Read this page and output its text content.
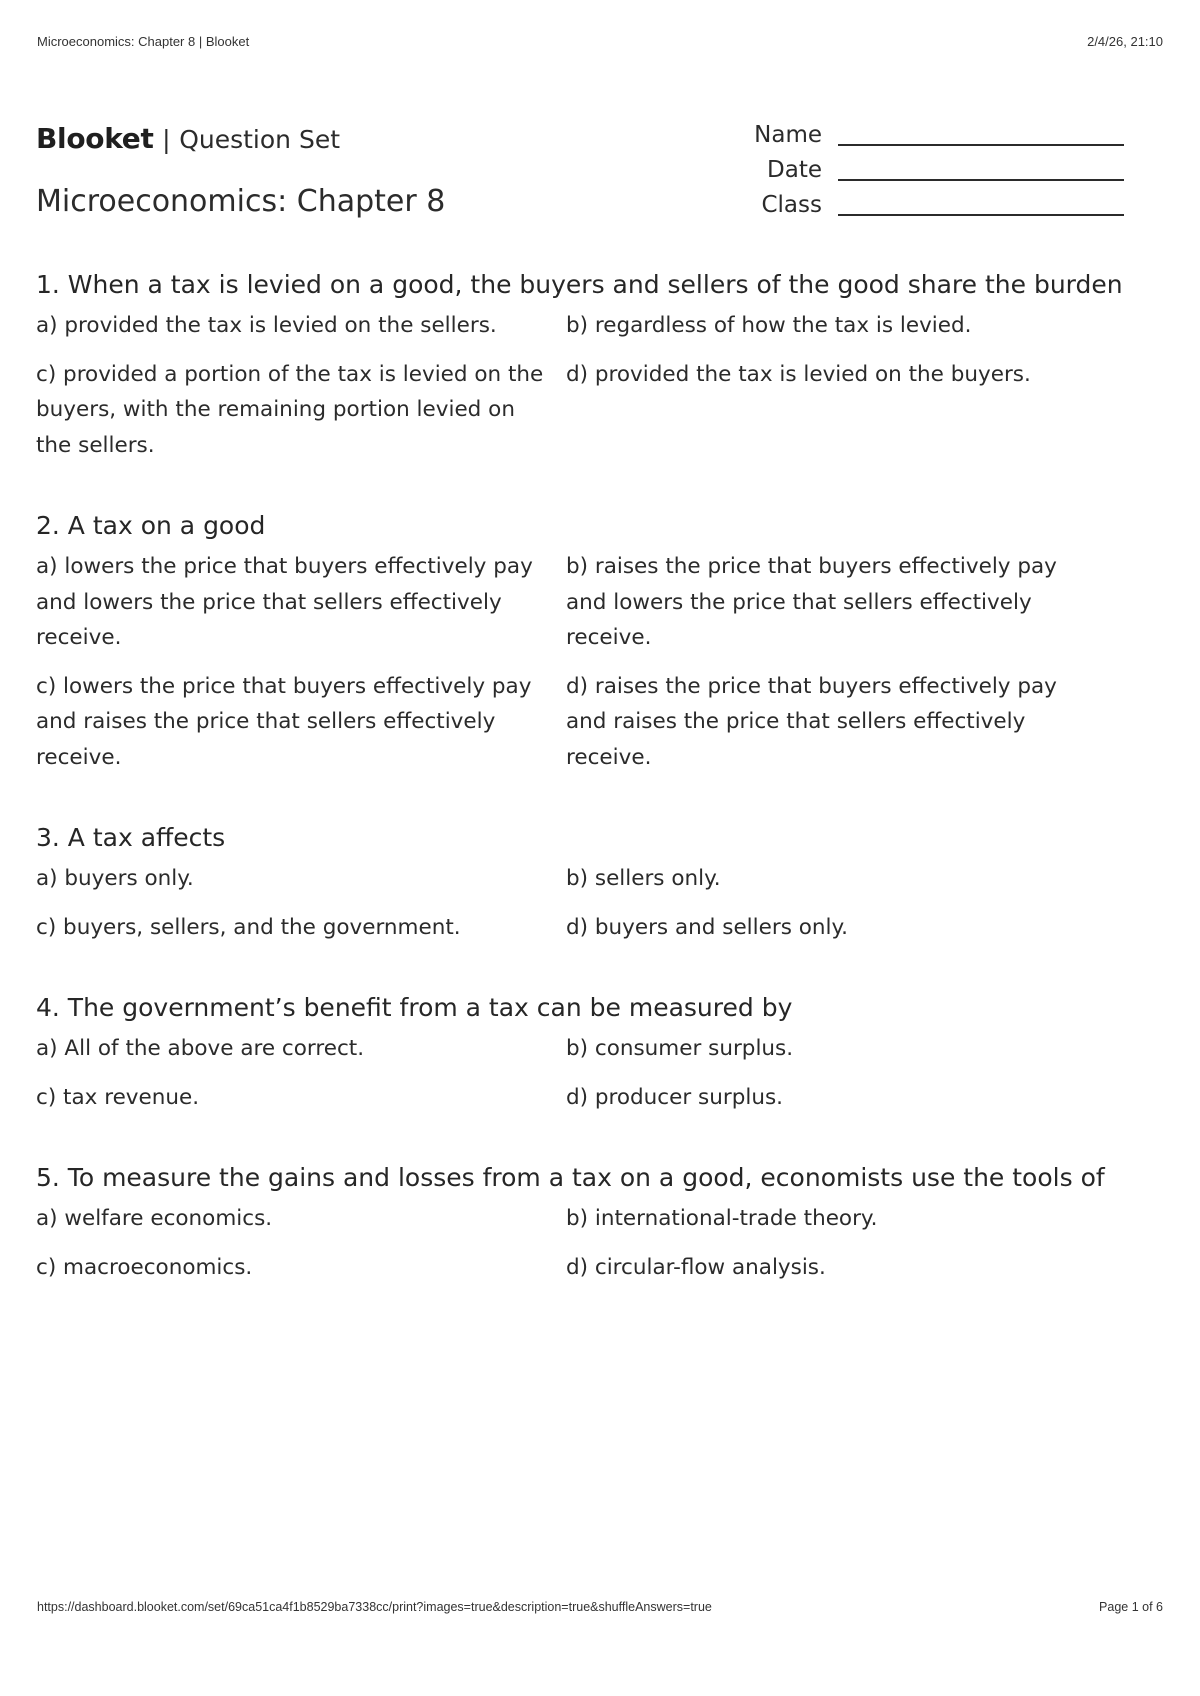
Microeconomics: Chapter 8 | Blooket	2/4/26, 21:10
Blooket | Question Set
Microeconomics: Chapter 8
Name
Date
Class
1. When a tax is levied on a good, the buyers and sellers of the good share the burden
a) provided the tax is levied on the sellers.	b) regardless of how the tax is levied.
c) provided a portion of the tax is levied on the buyers, with the remaining portion levied on the sellers.
d) provided the tax is levied on the buyers.
2. A tax on a good
a) lowers the price that buyers effectively pay and lowers the price that sellers effectively receive.
b) raises the price that buyers effectively pay and lowers the price that sellers effectively receive.
c) lowers the price that buyers effectively pay and raises the price that sellers effectively receive.
d) raises the price that buyers effectively pay and raises the price that sellers effectively receive.
3. A tax affects
a) buyers only.	b) sellers only.
c) buyers, sellers, and the government.	d) buyers and sellers only.
4. The government’s benefit from a tax can be measured by
a) All of the above are correct.	b) consumer surplus.
c) tax revenue.	d) producer surplus.
5. To measure the gains and losses from a tax on a good, economists use the tools of
a) welfare economics.	b) international-trade theory.
c) macroeconomics.	d) circular-flow analysis.
https://dashboard.blooket.com/set/69ca51ca4f1b8529ba7338cc/print?images=true&description=true&shuffleAnswers=true	Page 1 of 6
